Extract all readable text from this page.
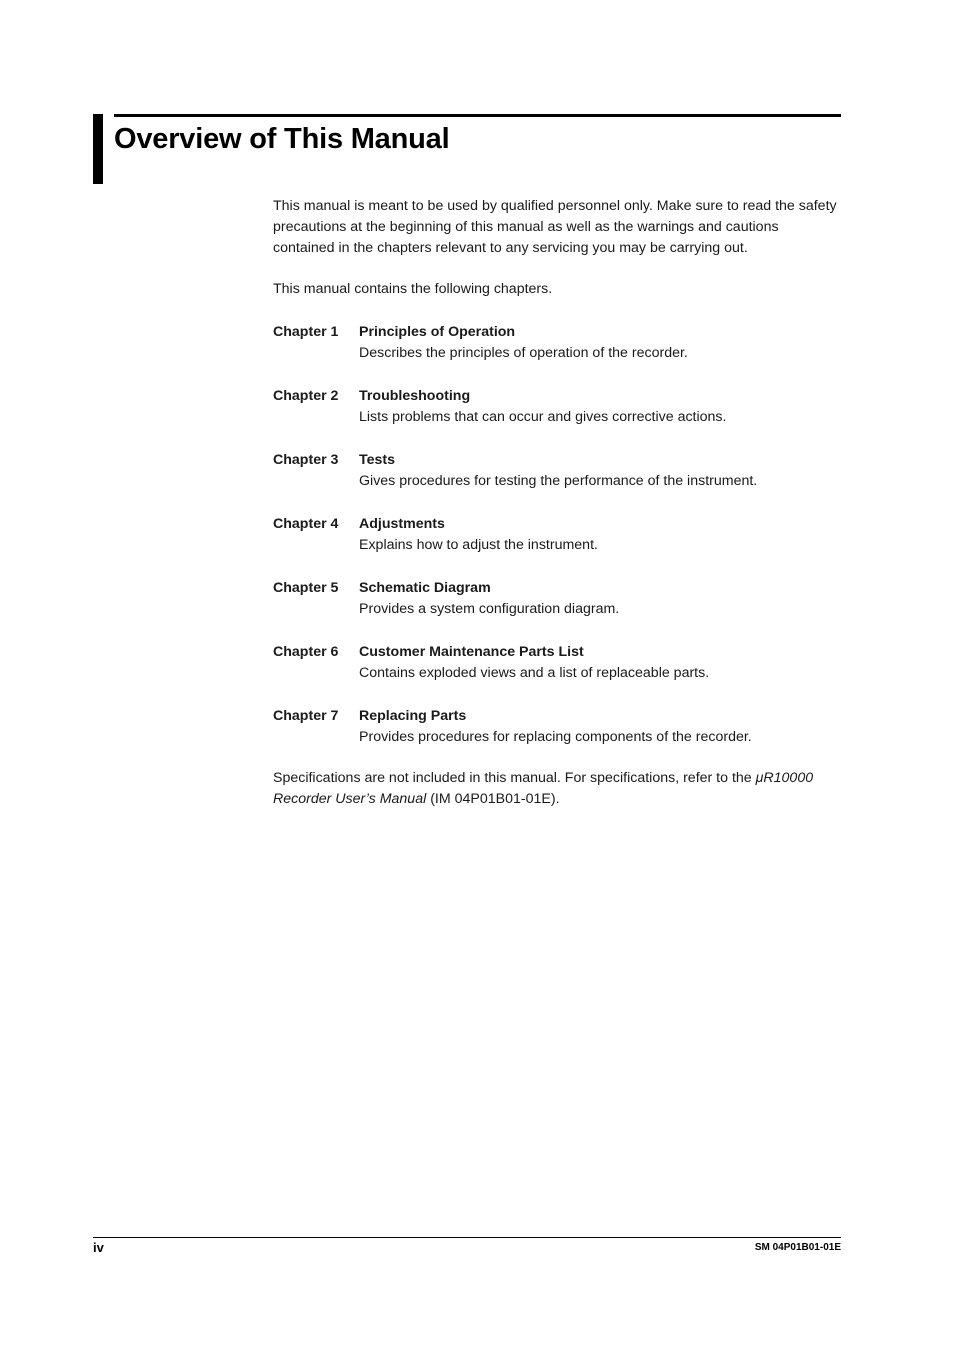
Overview of This Manual

This manual is meant to be used by qualified personnel only. Make sure to read the safety precautions at the beginning of this manual as well as the warnings and cautions contained in the chapters relevant to any servicing you may be carrying out.

This manual contains the following chapters.

Chapter 1	Principles of Operation
Describes the principles of operation of the recorder.
Chapter 2	Troubleshooting
Lists problems that can occur and gives corrective actions.
Chapter 3	Tests
Gives procedures for testing the performance of the instrument.
Chapter 4	Adjustments
Explains how to adjust the instrument.
Chapter 5	Schematic Diagram
Provides a system configuration diagram.
Chapter 6	Customer Maintenance Parts List
Contains exploded views and a list of replaceable parts.
Chapter 7	Replacing Parts
Provides procedures for replacing components of the recorder.

Specifications are not included in this manual. For specifications, refer to the μR10000 Recorder User’s Manual (IM 04P01B01-01E).

iv	SM 04P01B01-01E
